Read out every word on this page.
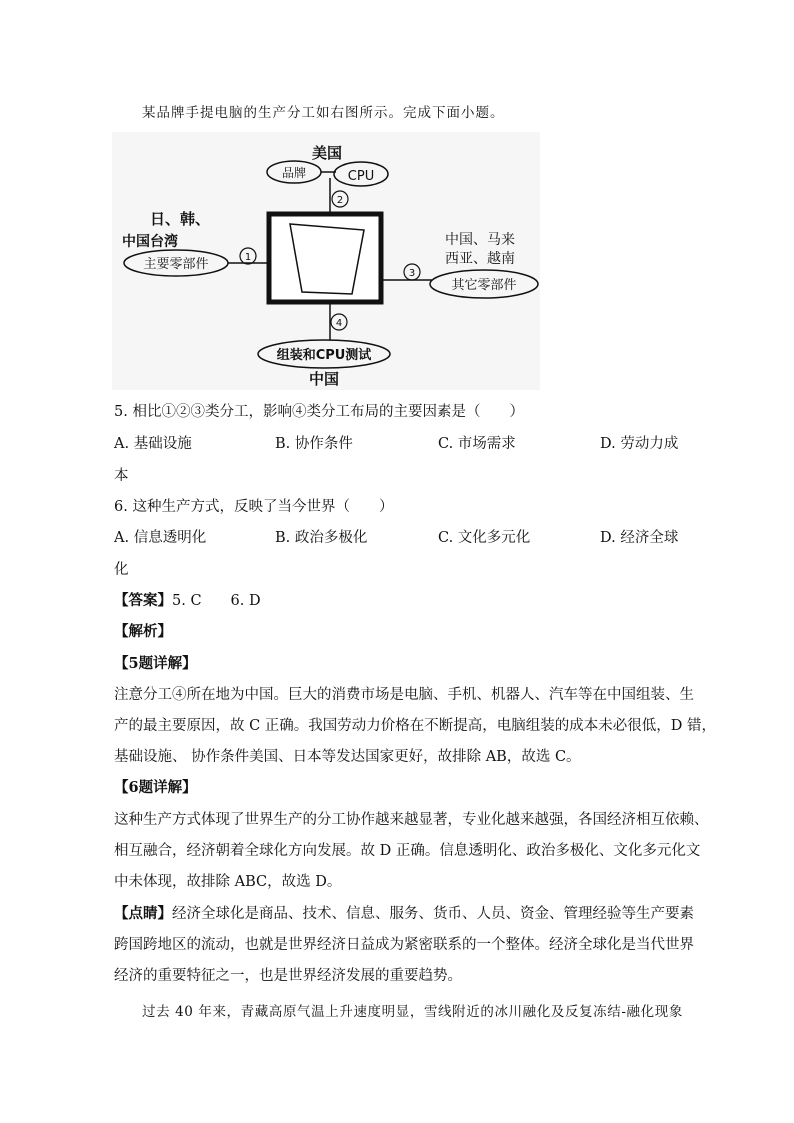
某品牌手提电脑的生产分工如右图所示。完成下面小题。
美国
品牌	CPU
2
日、韩、
中国台湾
主要零部件	1
中国、马来
西亚、越南
3
其它零部件
4
组装和CPU测试
中国
5. 相比①②③类分工，影响④类分工布局的主要因素是（　　）
A. 基础设施	B. 协作条件	C. 市场需求	D. 劳动力成
本
6. 这种生产方式，反映了当今世界（　　）
A. 信息透明化	B. 政治多极化	C. 文化多元化	D. 经济全球
化
【答案】5. C　　6. D
【解析】
【5题详解】
注意分工④所在地为中国。巨大的消费市场是电脑、手机、机器人、汽车等在中国组装、生
产的最主要原因，故 C 正确。我国劳动力价格在不断提高，电脑组装的成本未必很低，D 错，
基础设施、 协作条件美国、日本等发达国家更好，故排除 AB，故选 C。
【6题详解】
这种生产方式体现了世界生产的分工协作越来越显著，专业化越来越强，各国经济相互依赖、
相互融合，经济朝着全球化方向发展。故 D 正确。信息透明化、政治多极化、文化多元化文
中未体现，故排除 ABC，故选 D。
【点睛】经济全球化是商品、技术、信息、服务、货币、人员、资金、管理经验等生产要素
跨国跨地区的流动，也就是世界经济日益成为紧密联系的一个整体。经济全球化是当代世界
经济的重要特征之一，也是世界经济发展的重要趋势。
过去 40 年来，青藏高原气温上升速度明显，雪线附近的冰川融化及反复冻结-融化现象
